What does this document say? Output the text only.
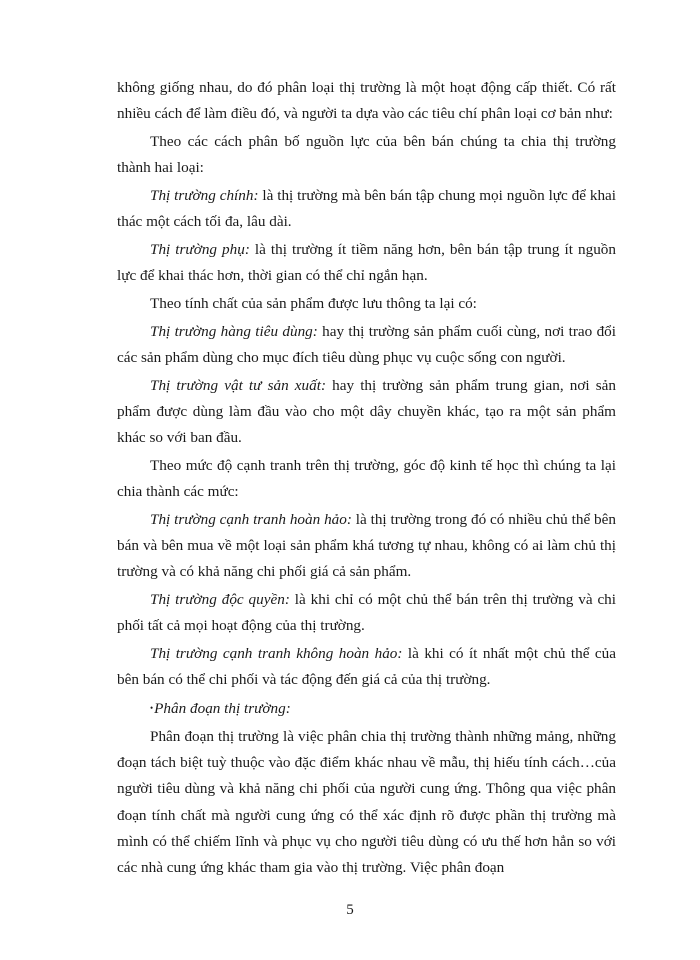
không giống nhau, do đó phân loại thị trường là một hoạt động cấp thiết. Có rất nhiều cách để làm điều đó, và người ta dựa vào các tiêu chí phân loại cơ bản như:

Theo các cách phân bố nguồn lực của bên bán chúng ta chia thị trường thành hai loại:

Thị trường chính: là thị trường mà bên bán tập chung mọi nguồn lực để khai thác một cách tối đa, lâu dài.

Thị trường phụ: là thị trường ít tiềm năng hơn, bên bán tập trung ít nguồn lực để khai thác hơn, thời gian có thể chỉ ngắn hạn.

Theo tính chất của sản phẩm được lưu thông ta lại có:

Thị trường hàng tiêu dùng: hay thị trường sản phẩm cuối cùng, nơi trao đổi các sản phẩm dùng cho mục đích tiêu dùng phục vụ cuộc sống con người.

Thị trường vật tư sản xuất: hay thị trường sản phẩm trung gian, nơi sản phẩm được dùng làm đầu vào cho một dây chuyền khác, tạo ra một sản phẩm khác so với ban đầu.

Theo mức độ cạnh tranh trên thị trường, góc độ kinh tế học thì chúng ta lại chia thành các mức:

Thị trường cạnh tranh hoàn hảo: là thị trường trong đó có nhiều chủ thể bên bán và bên mua về một loại sản phẩm khá tương tự nhau, không có ai làm chủ thị trường và có khả năng chi phối giá cả sản phẩm.

Thị trường độc quyền: là khi chỉ có một chủ thể bán trên thị trường và chi phối tất cả mọi hoạt động của thị trường.

Thị trường cạnh tranh không hoàn hảo: là khi có ít nhất một chủ thể của bên bán có thể chi phối và tác động đến giá cả của thị trường.

•Phân đoạn thị trường:

Phân đoạn thị trường là việc phân chia thị trường thành những mảng, những đoạn tách biệt tuỳ thuộc vào đặc điểm khác nhau về mẫu, thị hiếu tính cách…của người tiêu dùng và khả năng chi phối của người cung ứng. Thông qua việc phân đoạn tính chất mà người cung ứng có thể xác định rõ được phần thị trường mà mình có thể chiếm lĩnh và phục vụ cho người tiêu dùng có ưu thế hơn hẳn so với các nhà cung ứng khác tham gia vào thị trường. Việc phân đoạn

5
